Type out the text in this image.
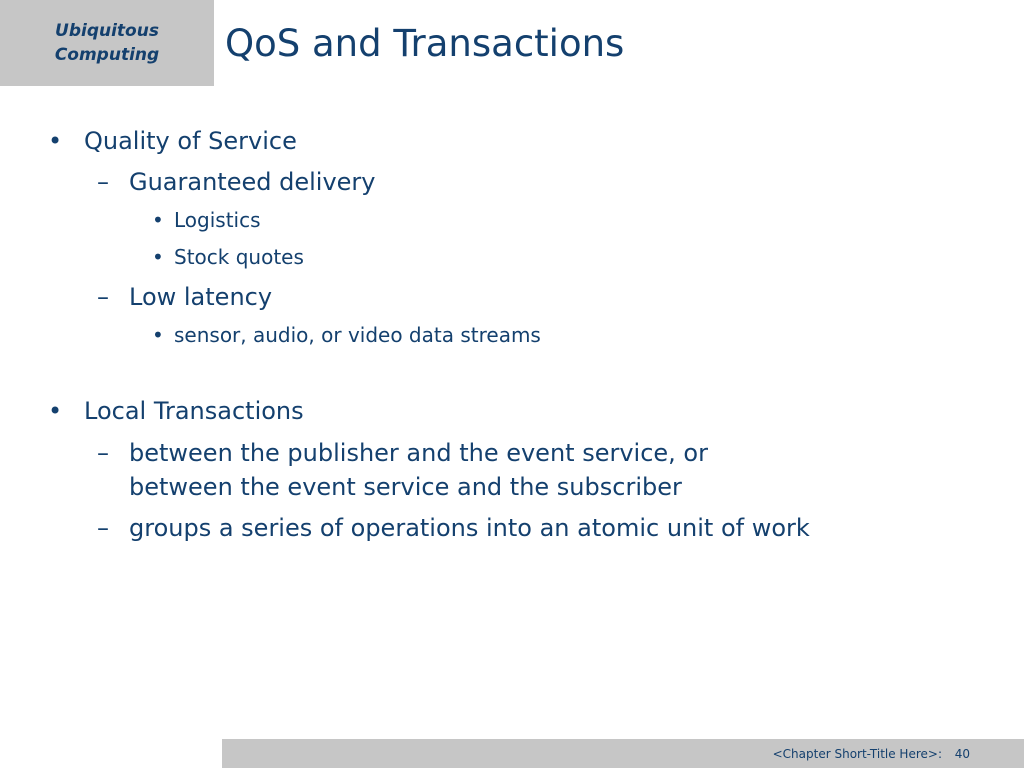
Ubiquitous
Computing	QoS and Transactions
• Quality of Service
– Guaranteed delivery
• Logistics
• Stock quotes
– Low latency
• sensor, audio, or video data streams
• Local Transactions
– between the publisher and the event service, or
between the event service and the subscriber
– groups a series of operations into an atomic unit of work
<Chapter Short-Title Here>: 40
